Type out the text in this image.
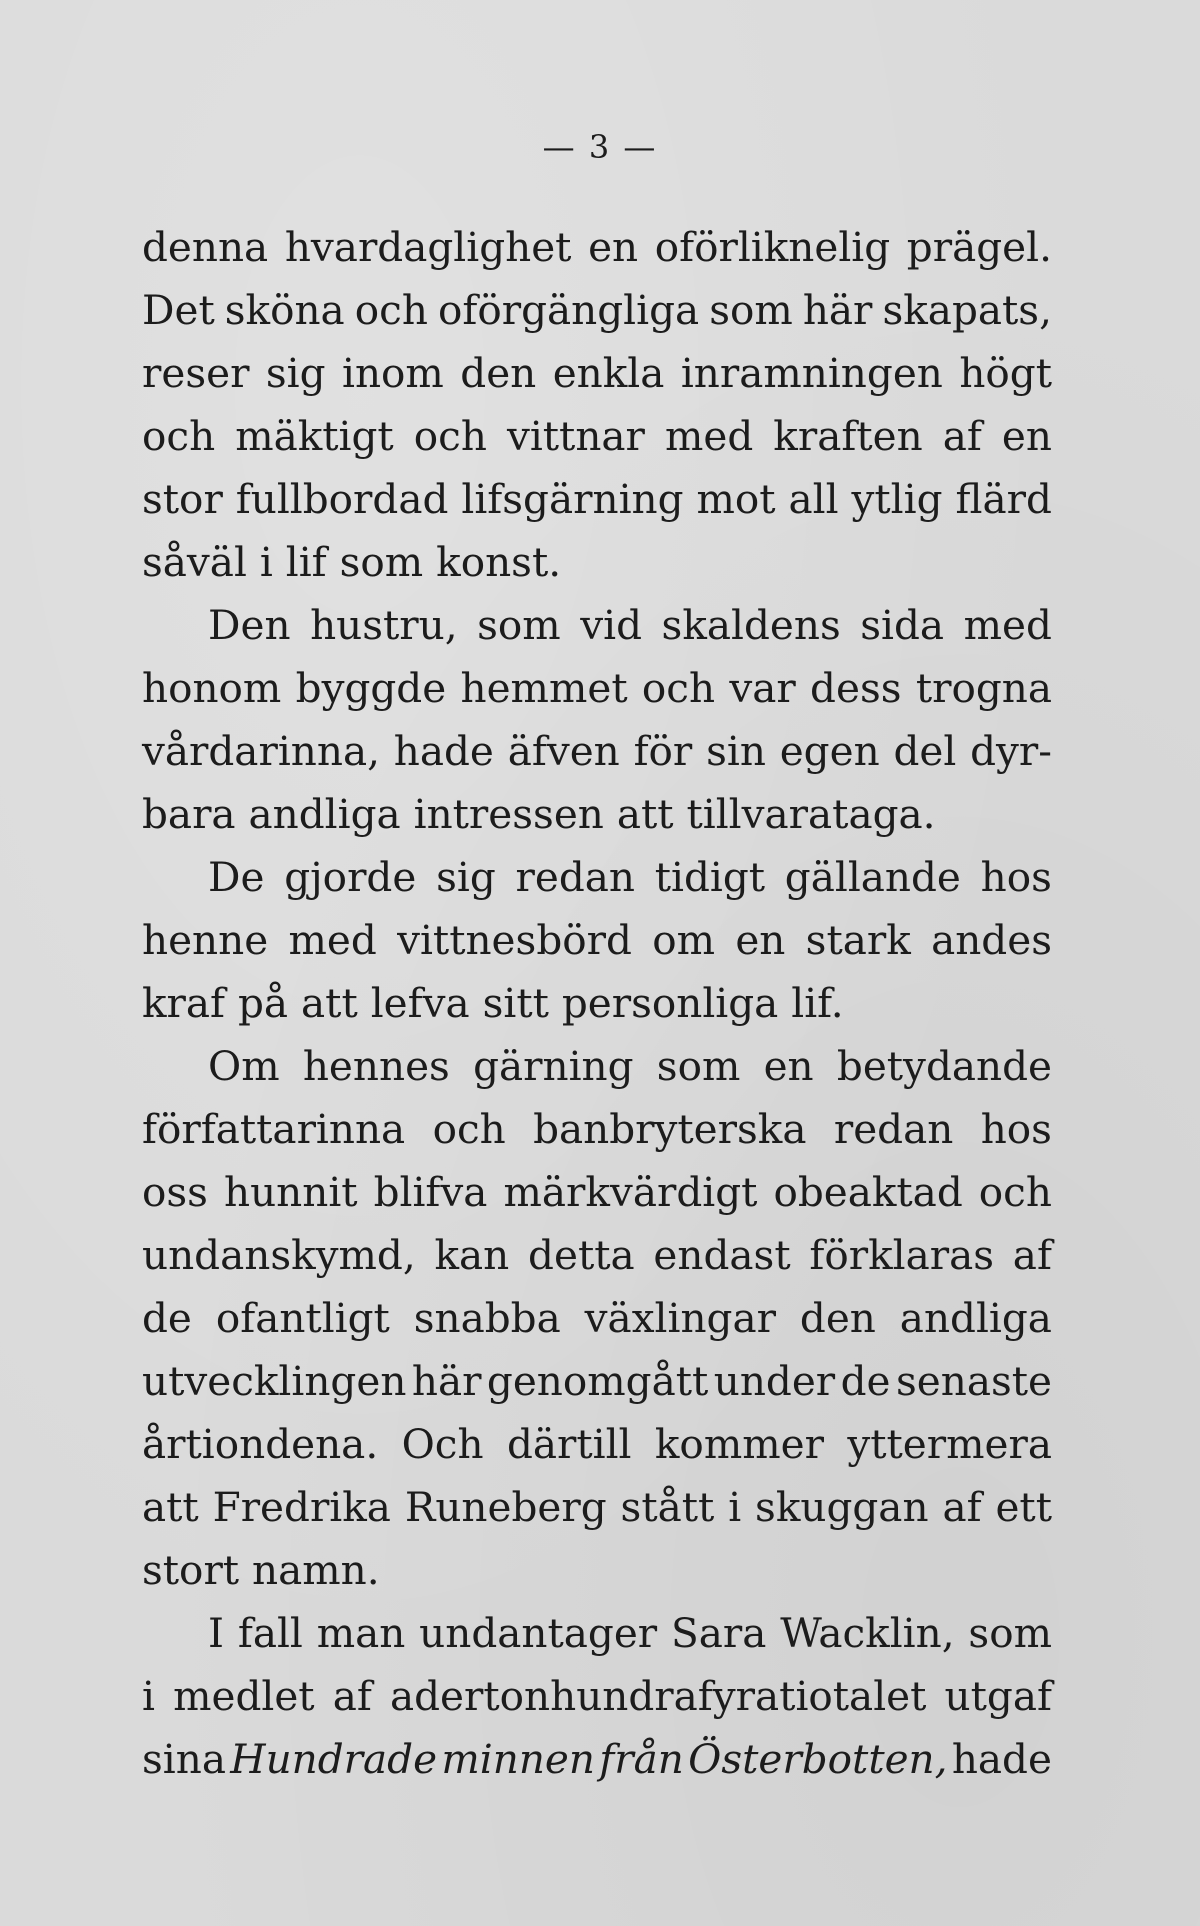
— 3 —
denna hvardaglighet en oförliknelig prägel.
Det sköna och oförgängliga som här skapats,
reser sig inom den enkla inramningen högt
och mäktigt och vittnar med kraften af en
stor fullbordad lifsgärning mot all ytlig flärd
såväl i lif som konst.
Den hustru, som vid skaldens sida med
honom byggde hemmet och var dess trogna
vårdarinna, hade äfven för sin egen del dyr-
bara andliga intressen att tillvarataga.
De gjorde sig redan tidigt gällande hos
henne med vittnesbörd om en stark andes
kraf på att lefva sitt personliga lif.
Om hennes gärning som en betydande
författarinna och banbryterska redan hos
oss hunnit blifva märkvärdigt obeaktad och
undanskymd, kan detta endast förklaras af
de ofantligt snabba växlingar den andliga
utvecklingen här genomgått under de senaste
årtiondena. Och därtill kommer yttermera
att Fredrika Runeberg stått i skuggan af ett
stort namn.
I fall man undantager Sara Wacklin, som
i medlet af adertonhundrafyratiotalet utgaf
sina Hundrade minnen från Österbotten, hade
